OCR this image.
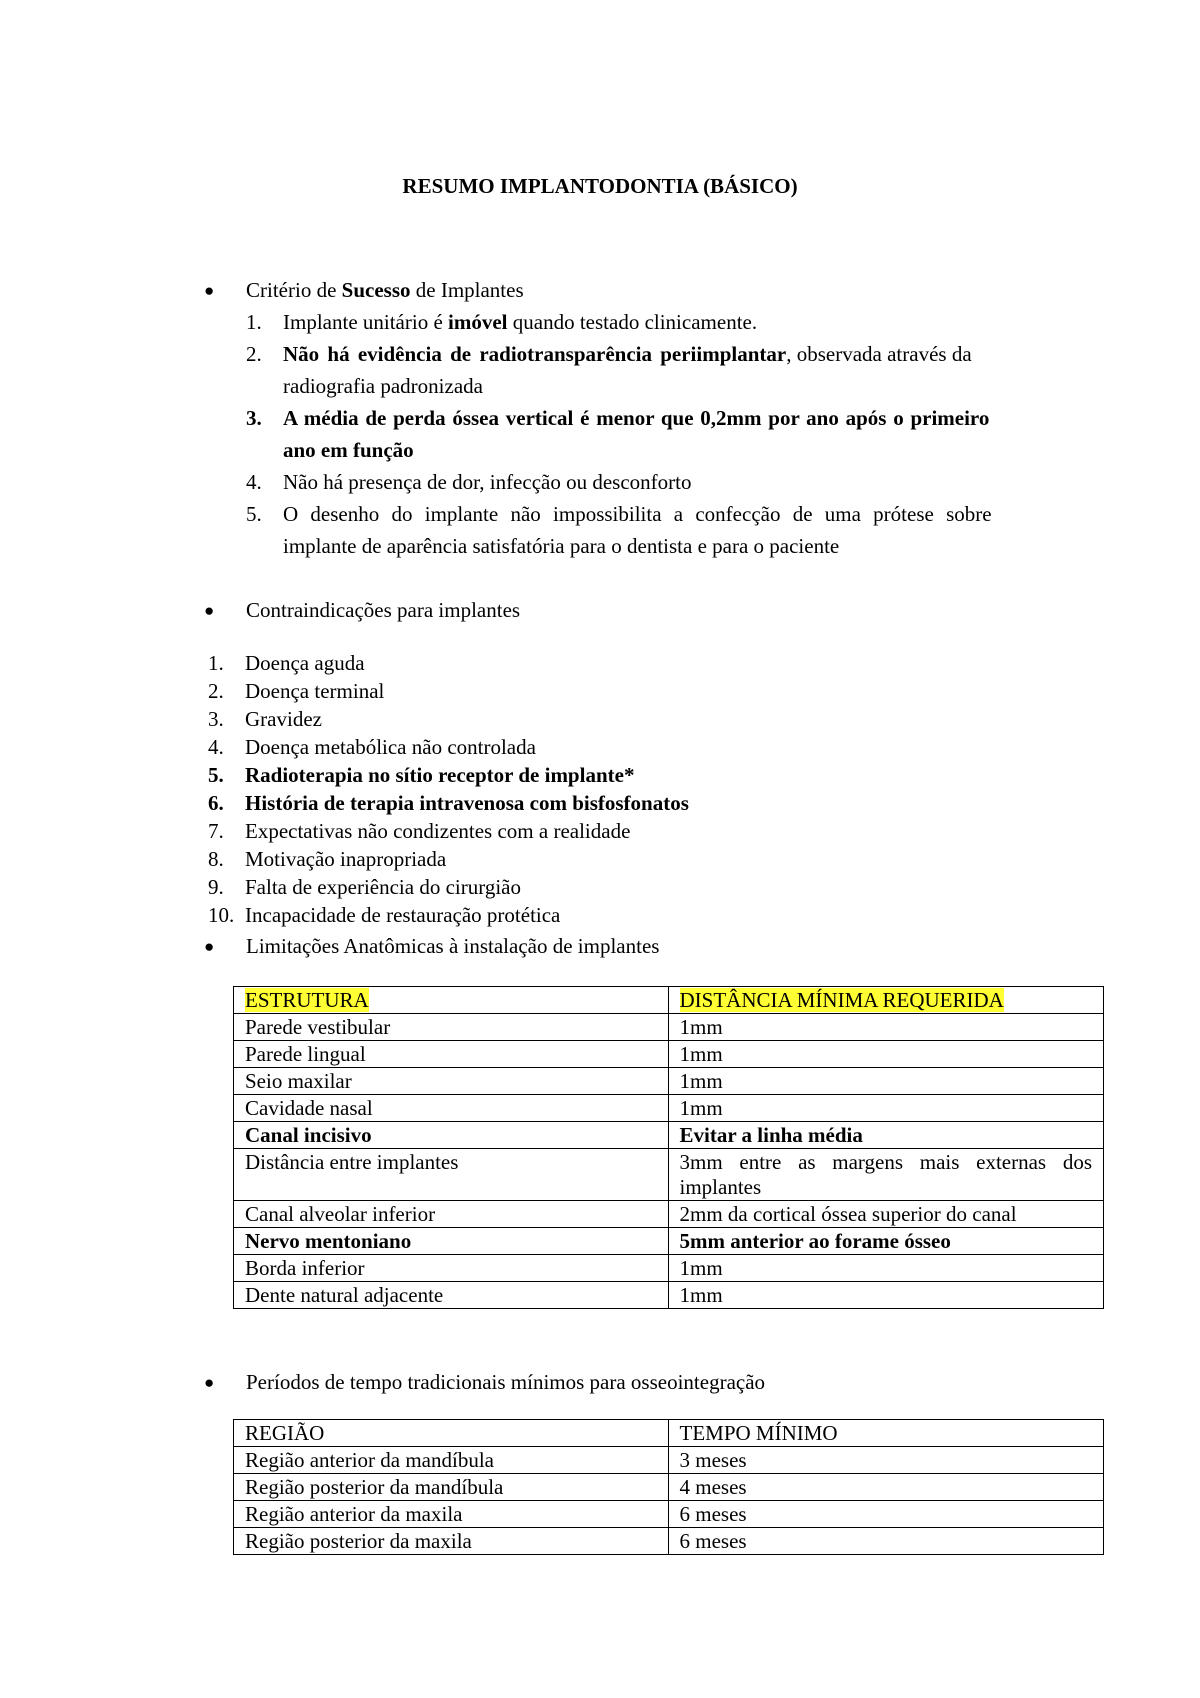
RESUMO IMPLANTODONTIA (BÁSICO)
● Critério de Sucesso de Implantes
1. Implante unitário é imóvel quando testado clinicamente.
2. Não há evidência de radiotransparência periimplantar, observada através da
radiografia padronizada
3. A média de perda óssea vertical é menor que 0,2mm por ano após o primeiro
ano em função
4. Não há presença de dor, infecção ou desconforto
5. O desenho do implante não impossibilita a confecção de uma prótese sobre
implante de aparência satisfatória para o dentista e para o paciente
● Contraindicações para implantes
1. Doença aguda
2. Doença terminal
3. Gravidez
4. Doença metabólica não controlada
5. Radioterapia no sítio receptor de implante*
6. História de terapia intravenosa com bisfosfonatos
7. Expectativas não condizentes com a realidade
8. Motivação inapropriada
9. Falta de experiência do cirurgião
10. Incapacidade de restauração protética
● Limitações Anatômicas à instalação de implantes
ESTRUTURA	DISTÂNCIA MÍNIMA REQUERIDA
Parede vestibular	1mm
Parede lingual	1mm
Seio maxilar	1mm
Cavidade nasal	1mm
Canal incisivo	Evitar a linha média
Distância entre implantes	3mm entre as margens mais externas dos implantes
Canal alveolar inferior	2mm da cortical óssea superior do canal
Nervo mentoniano	5mm anterior ao forame ósseo
Borda inferior	1mm
Dente natural adjacente	1mm
● Períodos de tempo tradicionais mínimos para osseointegração
REGIÃO	TEMPO MÍNIMO
Região anterior da mandíbula	3 meses
Região posterior da mandíbula	4 meses
Região anterior da maxila	6 meses
Região posterior da maxila	6 meses
